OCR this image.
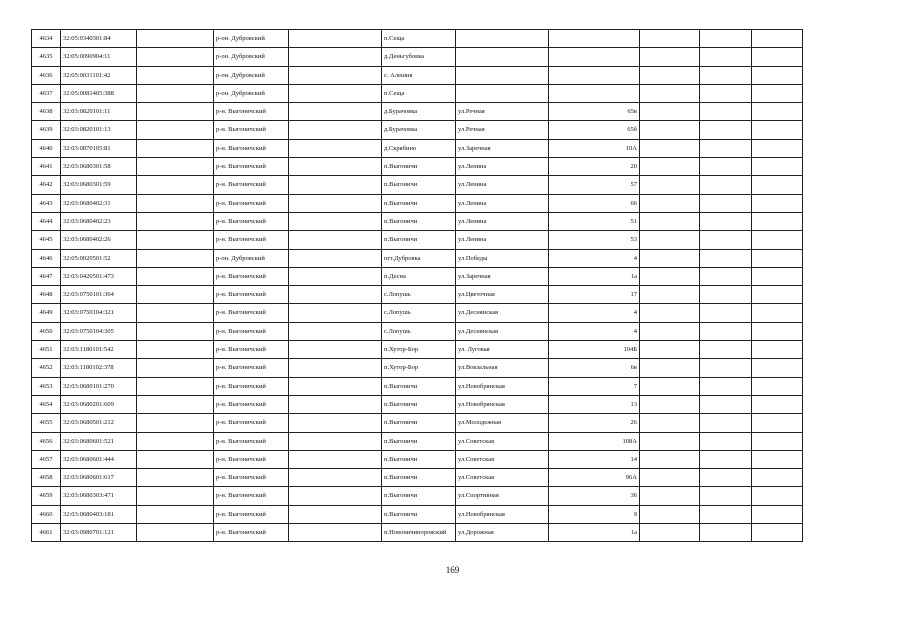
4634	32:05:0340301:84		р-он. Дубровский		п.Сеща					
4635	32:05:0090904:11		р-он. Дубровский		д.Деньгубовка					
4636	32:05:0031101:42		р-он. Дубровский		с. Алешня					
4637	32:05:0081405:388		р-он. Дубровский		п.Сеща					
4638	32:03:0820101:11		р-н. Выгоничский		д.Бурачовка	ул.Речная	65в			
4639	32:03:0820101:13		р-н. Выгоничский		д.Бурачовка	ул.Речная	65б			
4640	32:03:0870105:81		р-н. Выгоничский		д.Скрябино	ул.Заречная	10А			
4641	32:03:0680301:58		р-н. Выгоничский		п.Выгоничи	ул.Ленина	20			
4642	32:03:0680301:59		р-н. Выгоничский		п.Выгоничи	ул.Ленина	57			
4643	32:03:0680402:31		р-н. Выгоничский		п.Выгоничи	ул.Ленина	66			
4644	32:03:0680402:23		р-н. Выгоничский		п.Выгоничи	ул.Ленина	51			
4645	32:03:0680402:26		р-н. Выгоничский		п.Выгоничи	ул.Ленина	53			
4646	32:05:0020501:52		р-он. Дубровский		пгт.Дубровка	ул.Победы	4			
4647	32:03:0420501:473		р-н. Выгоничский		п.Десна	ул.Заречная	1а			
4648	32:03:0750101:364		р-н. Выгоничский		с.Лопушь	ул.Цветочная	17			
4649	32:03:0750104:321		р-н. Выгоничский		с.Лопушь	ул.Деснянская	4			
4650	32:03:0750104:305		р-н. Выгоничский		с.Лопушь	ул.Деснянская	4			
4651	32:03:1180101:542		р-н. Выгоничский		п.Хутор-Бор	ул. Луговая	104Б			
4652	32:03:1180102:378		р-н. Выгоничский		п.Хутор-Бор	ул.Вокзальная	6в			
4653	32:03:0680101:270		р-н. Выгоничский		п.Выгоничи	ул.Новобрянская	7			
4654	32:03:0680201:609		р-н. Выгоничский		п.Выгоничи	ул.Новобрянская	13			
4655	32:03:0680501:212		р-н. Выгоничский		п.Выгоничи	ул.Молодежная	26			
4656	32:03:0680601:521		р-н. Выгоничский		п.Выгоничи	ул.Советская	108А			
4657	32:03:0680601:444		р-н. Выгоничский		п.Выгоничи	ул.Советская	14			
4658	32:03:0680601:617		р-н. Выгоничский		п.Выгоничи	ул.Советская	96А			
4659	32:03:0680303:471		р-н. Выгоничский		п.Выгоничи	ул.Спортивная	36			
4660	32:03:0680403:181		р-н. Выгоничский		п.Выгоничи	ул.Новобрянская	9			
4661	32:03:0980701:121		р-н. Выгоничский		п.Новоничипоровский	ул.Дорожная	1а			
169
